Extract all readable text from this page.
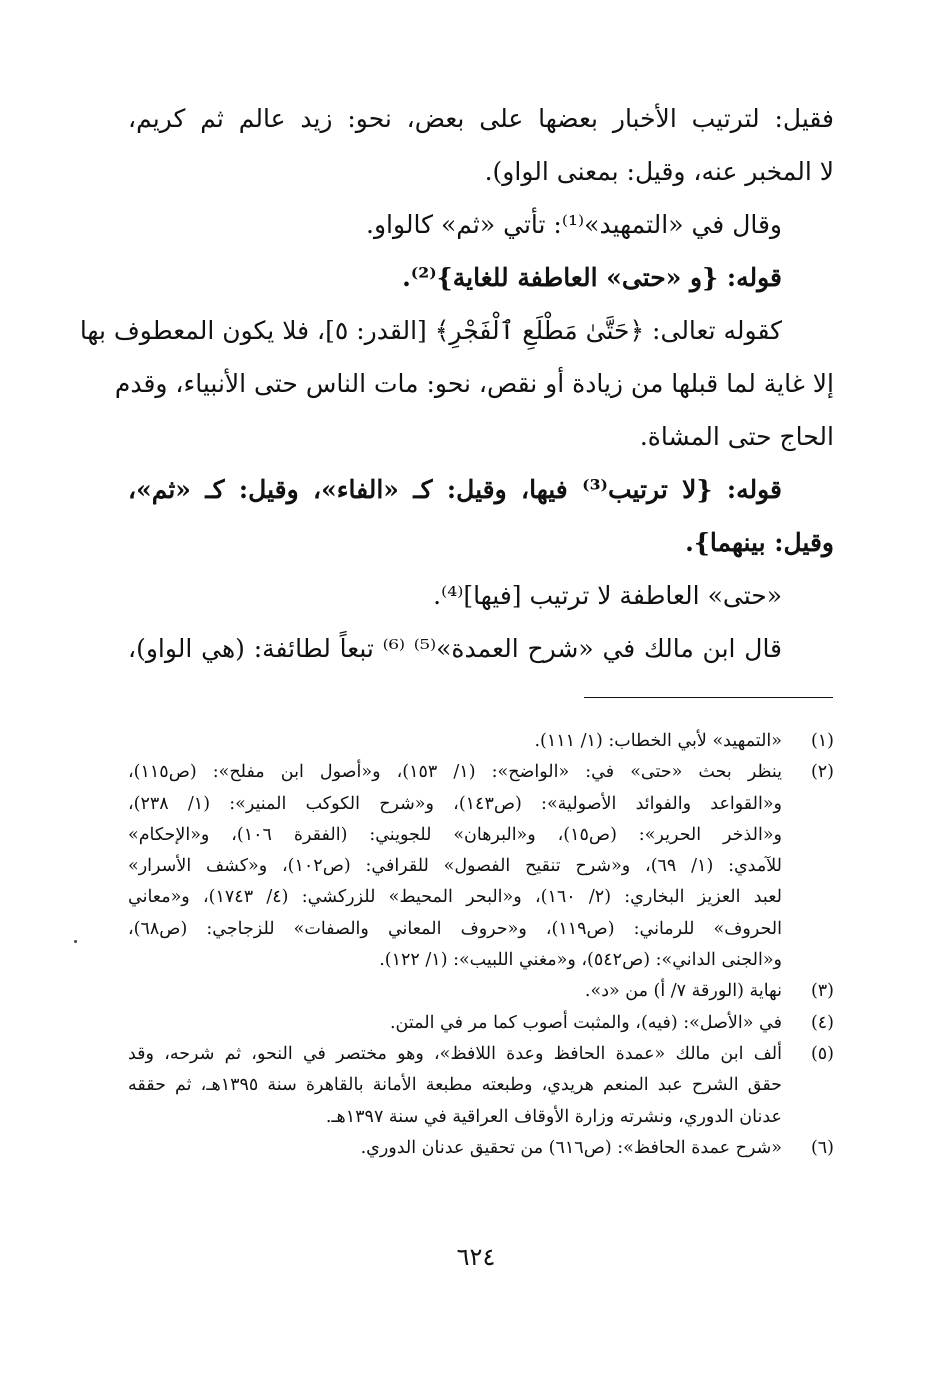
فقيل: لترتيب الأخبار بعضها على بعض، نحو: زيد عالم ثم كريم،
لا المخبر عنه، وقيل: بمعنى الواو).
وقال في «التمهيد»⁽¹⁾: تأتي «ثم» كالواو.
قوله: {و «حتى» العاطفة للغاية}⁽²⁾.
كقوله تعالى: ﴿حَتَّىٰ مَطْلَعِ ٱلْفَجْرِ﴾ [القدر: ٥]، فلا يكون المعطوف بها
إلا غاية لما قبلها من زيادة أو نقص، نحو: مات الناس حتى الأنبياء، وقدم
الحاج حتى المشاة.
قوله: {لا ترتيب⁽³⁾ فيها، وقيل: كـ «الفاء»، وقيل: كـ «ثم»،
وقيل: بينهما}.
«حتى» العاطفة لا ترتيب [فيها]⁽⁴⁾.
قال ابن مالك في «شرح العمدة»⁽⁵⁾ ⁽⁶⁾ تبعاً لطائفة: (هي الواو)،
(١)
«التمهيد» لأبي الخطاب: (١/ ١١١).
(٢)
ينظر بحث «حتى» في: «الواضح»: (١/ ١٥٣)، و«أصول ابن مفلح»: (ص١١٥)،
و«القواعد والفوائد الأصولية»: (ص١٤٣)، و«شرح الكوكب المنير»: (١/ ٢٣٨)،
و«الذخر الحرير»: (ص١٥)، و«البرهان» للجويني: (الفقرة ١٠٦)، و«الإحكام»
للآمدي: (١/ ٦٩)، و«شرح تنقيح الفصول» للقرافي: (ص١٠٢)، و«كشف الأسرار»
لعبد العزيز البخاري: (٢/ ١٦٠)، و«البحر المحيط» للزركشي: (٤/ ١٧٤٣)، و«معاني
الحروف» للرماني: (ص١١٩)، و«حروف المعاني والصفات» للزجاجي: (ص٦٨)،
و«الجنى الداني»: (ص٥٤٢)، و«مغني اللبيب»: (١/ ١٢٢).
(٣)
نهاية (الورقة ٧/ أ) من «د».
(٤)
في «الأصل»: (فيه)، والمثبت أصوب كما مر في المتن.
(٥)
ألف ابن مالك «عمدة الحافظ وعدة اللافظ»، وهو مختصر في النحو، ثم شرحه، وقد
حقق الشرح عبد المنعم هريدي، وطبعته مطبعة الأمانة بالقاهرة سنة ١٣٩٥هـ، ثم حققه
عدنان الدوري، ونشرته وزارة الأوقاف العراقية في سنة ١٣٩٧هـ.
(٦)
«شرح عمدة الحافظ»: (ص٦١٦) من تحقيق عدنان الدوري.
٦٢٤
